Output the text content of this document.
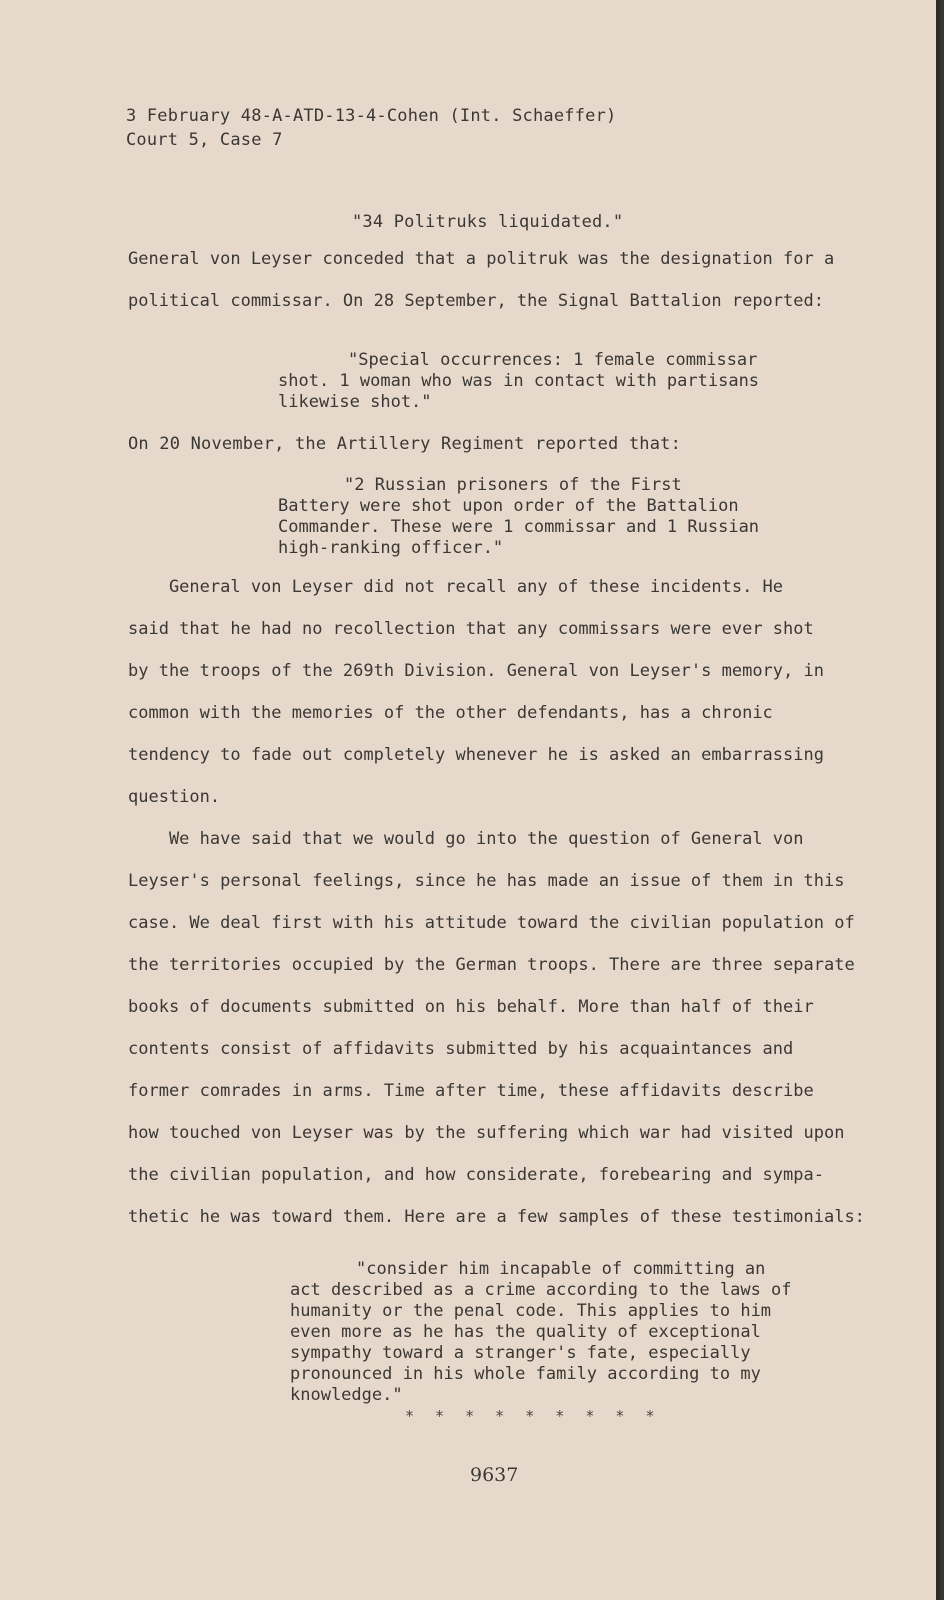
3 February 48-A-ATD-13-4-Cohen (Int. Schaeffer)
Court 5, Case 7
"34 Politruks liquidated."
General von Leyser conceded that a politruk was the designation for a
political commissar. On 28 September, the Signal Battalion reported:
"Special occurrences: 1 female commissar
shot. 1 woman who was in contact with partisans
likewise shot."
On 20 November, the Artillery Regiment reported that:
"2 Russian prisoners of the First
Battery were shot upon order of the Battalion
Commander. These were 1 commissar and 1 Russian
high-ranking officer."
General von Leyser did not recall any of these incidents. He
said that he had no recollection that any commissars were ever shot
by the troops of the 269th Division. General von Leyser's memory, in
common with the memories of the other defendants, has a chronic
tendency to fade out completely whenever he is asked an embarrassing
question.
We have said that we would go into the question of General von
Leyser's personal feelings, since he has made an issue of them in this
case. We deal first with his attitude toward the civilian population of
the territories occupied by the German troops. There are three separate
books of documents submitted on his behalf. More than half of their
contents consist of affidavits submitted by his acquaintances and
former comrades in arms. Time after time, these affidavits describe
how touched von Leyser was by the suffering which war had visited upon
the civilian population, and how considerate, forebearing and sympa-
thetic he was toward them. Here are a few samples of these testimonials:
"consider him incapable of committing an
act described as a crime according to the laws of
humanity or the penal code. This applies to him
even more as he has the quality of exceptional
sympathy toward a stranger's fate, especially
pronounced in his whole family according to my
knowledge."
* * * * * * * * *
9637
